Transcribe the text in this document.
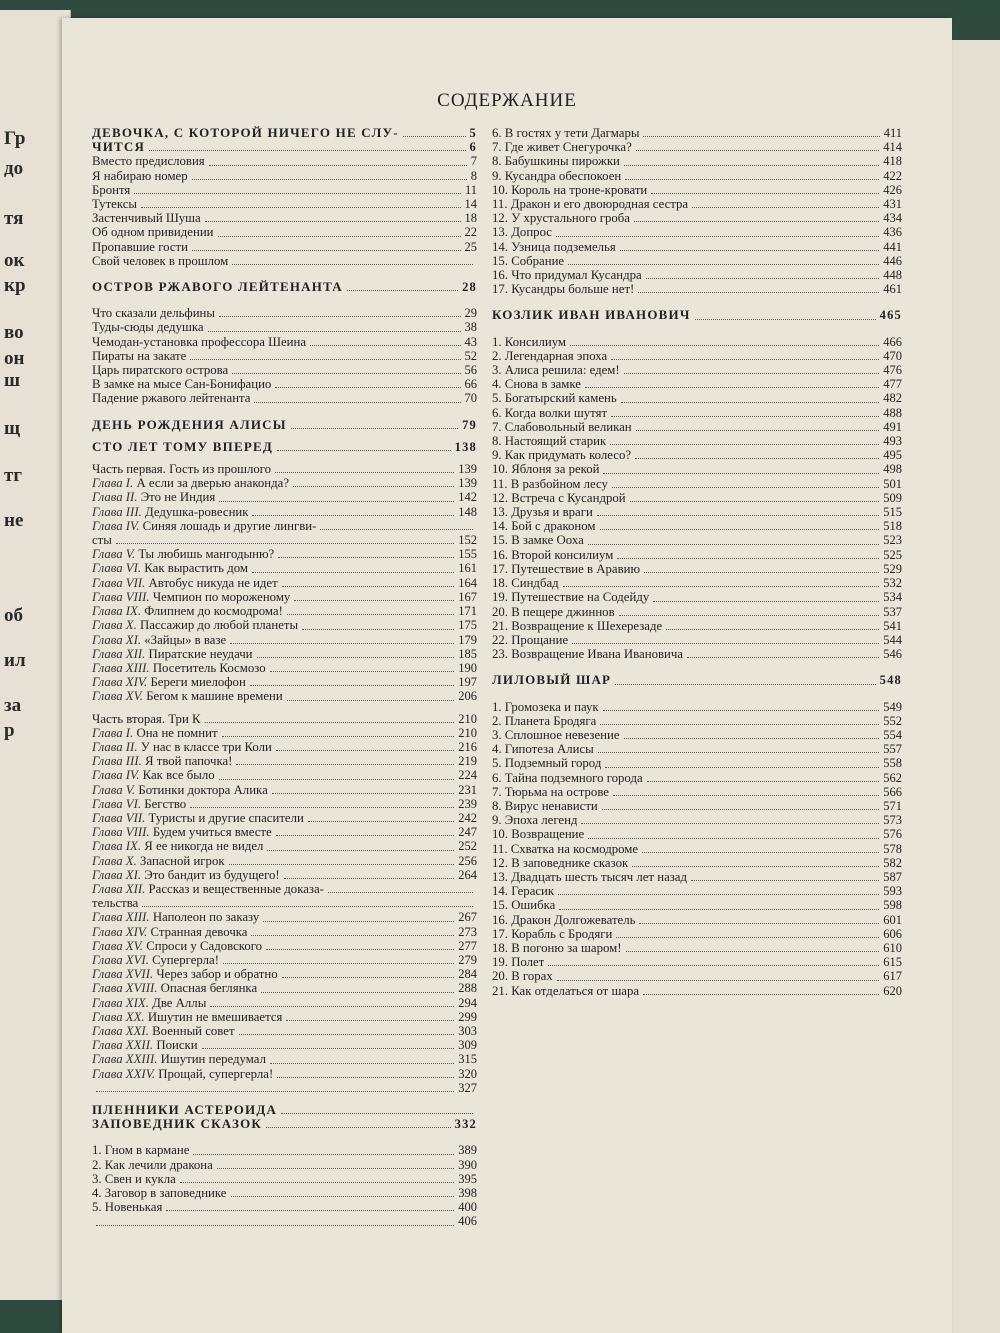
Гр
до
тя
ок
кр
во
он
ш
щ
тг
не
об
ил
за
р
СОДЕРЖАНИЕ
ДЕВОЧКА, С КОТОРОЙ НИЧЕГО НЕ СЛУ-	5
ЧИТСЯ	6
Вместо предисловия	7
Я набираю номер	8
Бронтя	11
Тутексы	14
Застенчивый Шуша	18
Об одном привидении	22
Пропавшие гости	25
Свой человек в прошлом
ОСТРОВ РЖАВОГО ЛЕЙТЕНАНТА	28
Что сказали дельфины	29
Туды-сюды дедушка	38
Чемодан-установка профессора Шеина	43
Пираты на закате	52
Царь пиратского острова	56
В замке на мысе Сан-Бонифацио	66
Падение ржавого лейтенанта	70
ДЕНЬ РОЖДЕНИЯ АЛИСЫ	79
СТО ЛЕТ ТОМУ ВПЕРЕД	138
Часть первая. Гость из прошлого	139
Глава I. А если за дверью анаконда?	139
Глава II. Это не Индия	142
Глава III. Дедушка-ровесник	148
Глава IV. Синяя лошадь и другие лингви-
сты	152
Глава V. Ты любишь мангодыню?	155
Глава VI. Как вырастить дом	161
Глава VII. Автобус никуда не идет	164
Глава VIII. Чемпион по мороженому	167
Глава IX. Флипнем до космодрома!	171
Глава X. Пассажир до любой планеты	175
Глава XI. «Зайцы» в вазе	179
Глава XII. Пиратские неудачи	185
Глава XIII. Посетитель Космозо	190
Глава XIV. Береги миелофон	197
Глава XV. Бегом к машине времени	206
Часть вторая. Три К	210
Глава I. Она не помнит	210
Глава II. У нас в классе три Коли	216
Глава III. Я твой папочка!	219
Глава IV. Как все было	224
Глава V. Ботинки доктора Алика	231
Глава VI. Бегство	239
Глава VII. Туристы и другие спасители	242
Глава VIII. Будем учиться вместе	247
Глава IX. Я ее никогда не видел	252
Глава X. Запасной игрок	256
Глава XI. Это бандит из будущего!	264
Глава XII. Рассказ и вещественные доказа-
тельства
Глава XIII. Наполеон по заказу	267
Глава XIV. Странная девочка	273
Глава XV. Спроси у Садовского	277
Глава XVI. Супергерла!	279
Глава XVII. Через забор и обратно	284
Глава XVIII. Опасная беглянка	288
Глава XIX. Две Аллы	294
Глава XX. Ишутин не вмешивается	299
Глава XXI. Военный совет	303
Глава XXII. Поиски	309
Глава XXIII. Ишутин передумал	315
Глава XXIV. Прощай, супергерла!	320
327
ПЛЕННИКИ АСТЕРОИДА
ЗАПОВЕДНИК СКАЗОК	332
1. Гном в кармане	389
2. Как лечили дракона	390
3. Свен и кукла	395
4. Заговор в заповеднике	398
5. Новенькая	400
406
6. В гостях у тети Дагмары	411
7. Где живет Снегурочка?	414
8. Бабушкины пирожки	418
9. Кусандра обеспокоен	422
10. Король на троне-кровати	426
11. Дракон и его двоюродная сестра	431
12. У хрустального гроба	434
13. Допрос	436
14. Узница подземелья	441
15. Собрание	446
16. Что придумал Кусандра	448
17. Кусандры больше нет!	461
КОЗЛИК ИВАН ИВАНОВИЧ	465
1. Консилиум	466
2. Легендарная эпоха	470
3. Алиса решила: едем!	476
4. Снова в замке	477
5. Богатырский камень	482
6. Когда волки шутят	488
7. Слабовольный великан	491
8. Настоящий старик	493
9. Как придумать колесо?	495
10. Яблоня за рекой	498
11. В разбойном лесу	501
12. Встреча с Кусандрой	509
13. Друзья и враги	515
14. Бой с драконом	518
15. В замке Ооха	523
16. Второй консилиум	525
17. Путешествие в Аравию	529
18. Синдбад	532
19. Путешествие на Содейду	534
20. В пещере джиннов	537
21. Возвращение к Шехерезаде	541
22. Прощание	544
23. Возвращение Ивана Ивановича	546
ЛИЛОВЫЙ ШАР	548
1. Громозека и паук	549
2. Планета Бродяга	552
3. Сплошное невезение	554
4. Гипотеза Алисы	557
5. Подземный город	558
6. Тайна подземного города	562
7. Тюрьма на острове	566
8. Вирус ненависти	571
9. Эпоха легенд	573
10. Возвращение	576
11. Схватка на космодроме	578
12. В заповеднике сказок	582
13. Двадцать шесть тысяч лет назад	587
14. Герасик	593
15. Ошибка	598
16. Дракон Долгожеватель	601
17. Корабль с Бродяги	606
18. В погоню за шаром!	610
19. Полет	615
20. В горах	617
21. Как отделаться от шара	620
